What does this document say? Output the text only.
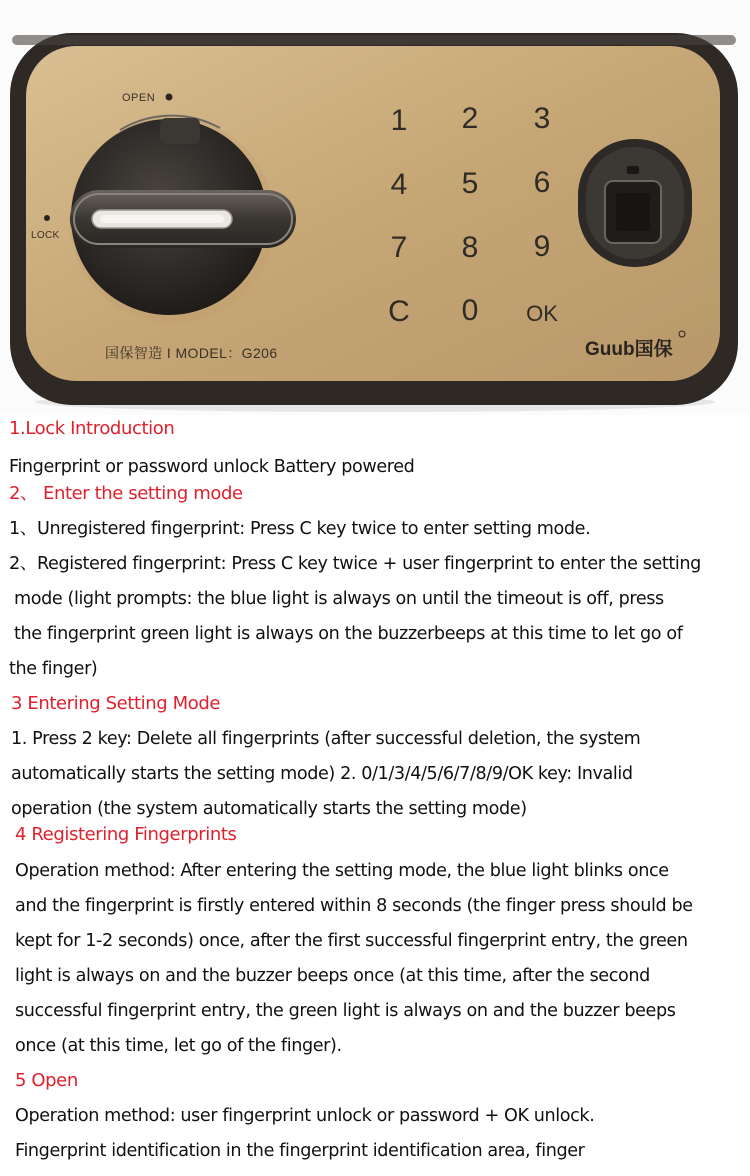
OPEN
LOCK
1	2	3
4	5	6
7	8	9
C	0	OK
国保智造 I MODEL：G206	Guub国保
1.Lock Introduction
Fingerprint or password unlock Battery powered
2、 Enter the setting mode
1、Unregistered fingerprint: Press C key twice to enter setting mode.
2、Registered fingerprint: Press C key twice + user fingerprint to enter the setting
mode (light prompts: the blue light is always on until the timeout is off, press
the fingerprint green light is always on the buzzerbeeps at this time to let go of
the finger)
3 Entering Setting Mode
1. Press 2 key: Delete all fingerprints (after successful deletion, the system
automatically starts the setting mode) 2. 0/1/3/4/5/6/7/8/9/OK key: Invalid
operation (the system automatically starts the setting mode)
4 Registering Fingerprints
Operation method: After entering the setting mode, the blue light blinks once
and the fingerprint is firstly entered within 8 seconds (the finger press should be
kept for 1-2 seconds) once, after the first successful fingerprint entry, the green
light is always on and the buzzer beeps once (at this time, after the second
successful fingerprint entry, the green light is always on and the buzzer beeps
once (at this time, let go of the finger).
5 Open
Operation method: user fingerprint unlock or password + OK unlock.
Fingerprint identification in the fingerprint identification area, finger
